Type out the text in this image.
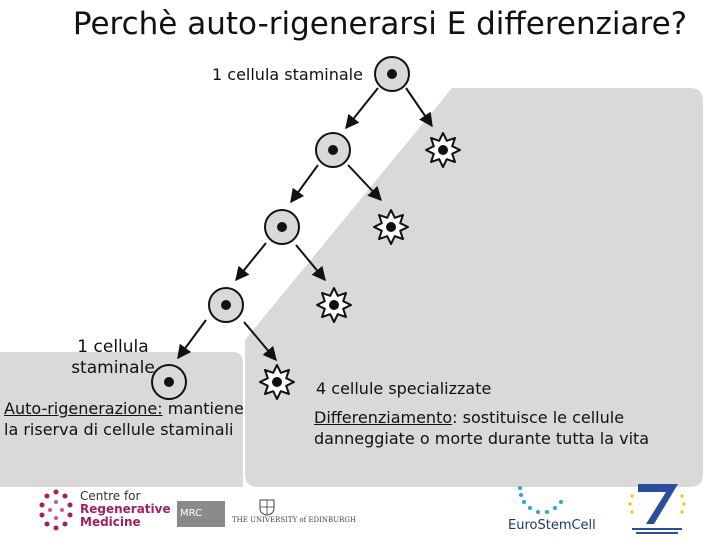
Perchè auto-rigenerarsi E differenziare?
1 cellula staminale
1 cellula
staminale
Auto-rigenerazione: mantiene la riserva di cellule staminali
4 cellule specializzate
Differenziamento: sostituisce le cellule danneggiate o morte durante tutta la vita
Centre for
Regenerative
Medicine
MRC
THE UNIVERSITY of EDINBURGH	EuroStemCell
